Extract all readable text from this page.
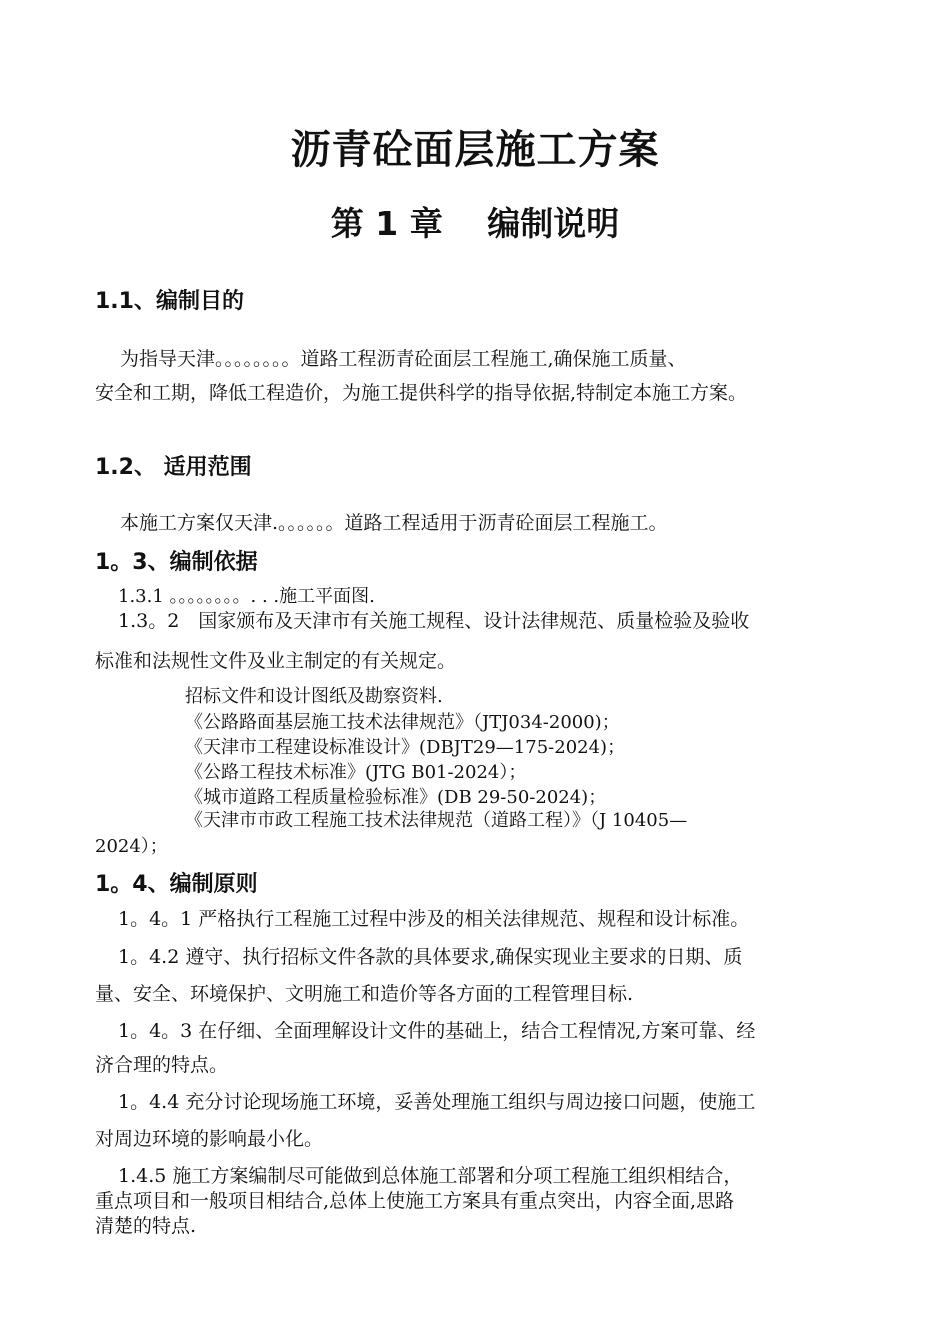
沥青砼面层施工方案
第 1 章　 编制说明
1.1、编制目的
为指导天津。。。。。。。。道路工程沥青砼面层工程施工,确保施工质量、
安全和工期，降低工程造价，为施工提供科学的指导依据,特制定本施工方案。
1.2、 适用范围
本施工方案仅天津.。。。。。。道路工程适用于沥青砼面层工程施工。
1。3、编制依据
1.3.1 。。。。。。。。. . .施工平面图.
1.3。2　国家颁布及天津市有关施工规程、设计法律规范、质量检验及验收
标准和法规性文件及业主制定的有关规定。
招标文件和设计图纸及勘察资料.
《公路路面基层施工技术法律规范》（JTJ034-2000)；
《天津市工程建设标准设计》(DBJT29—175-2024)；
《公路工程技术标准》(JTG B01-2024）；
《城市道路工程质量检验标准》(DB 29-50-2024)；
《天津市市政工程施工技术法律规范（道路工程）》（J 10405—
2024）；
1。4、编制原则
1。4。1 严格执行工程施工过程中涉及的相关法律规范、规程和设计标准。
1。4.2 遵守、执行招标文件各款的具体要求,确保实现业主要求的日期、质
量、安全、环境保护、文明施工和造价等各方面的工程管理目标.
1。4。3 在仔细、全面理解设计文件的基础上，结合工程情况,方案可靠、经
济合理的特点。
1。4.4 充分讨论现场施工环境，妥善处理施工组织与周边接口问题，使施工
对周边环境的影响最小化。
1.4.5 施工方案编制尽可能做到总体施工部署和分项工程施工组织相结合，
重点项目和一般项目相结合,总体上使施工方案具有重点突出，内容全面,思路
清楚的特点.
